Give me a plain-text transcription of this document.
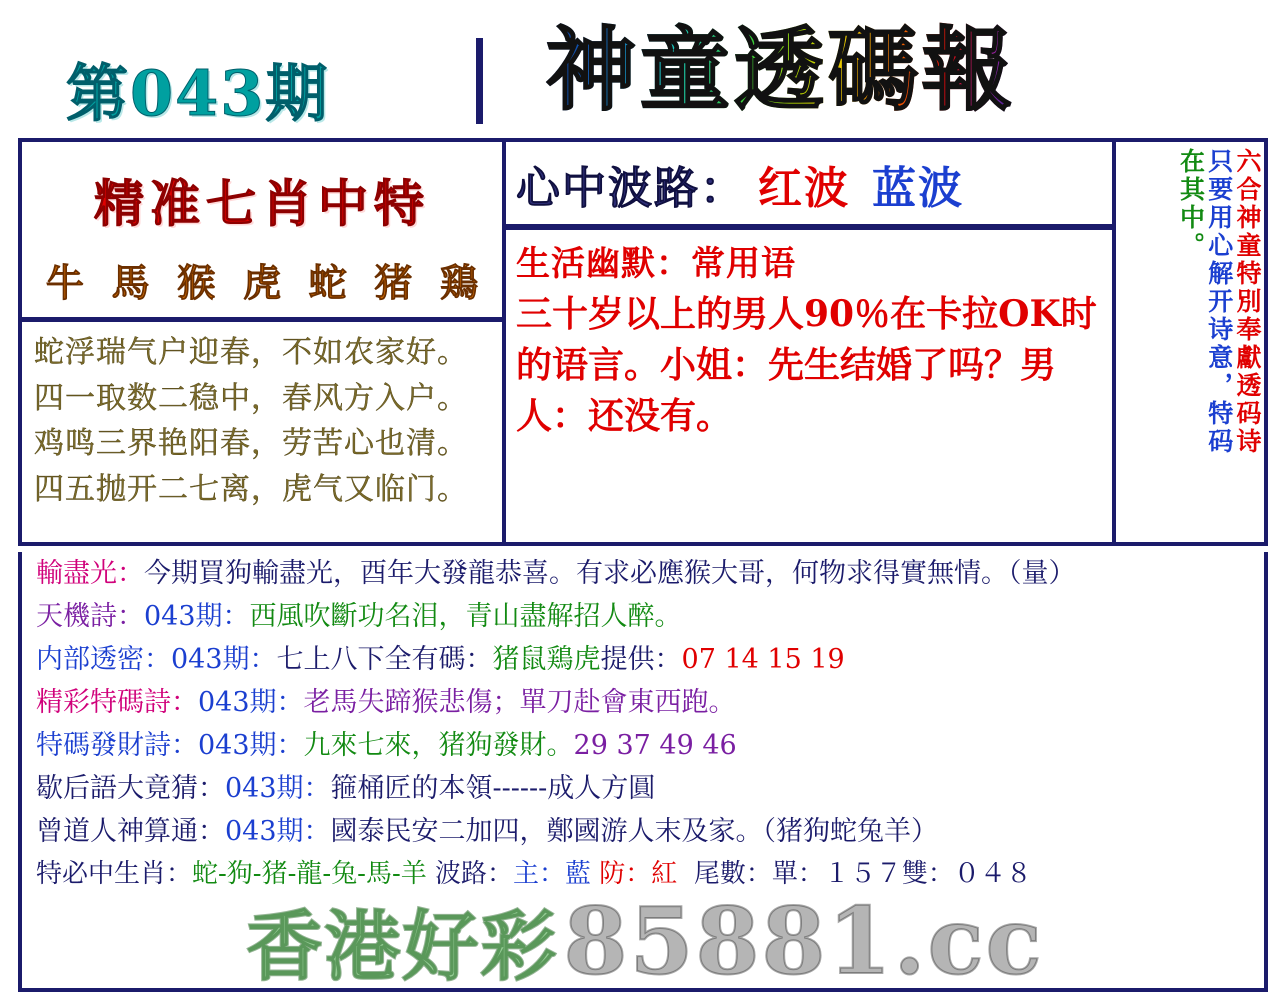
第043期 神童透碼報
精准七肖中特
牛 馬 猴 虎 蛇 猪 鶏
蛇浮瑞气户迎春，不如农家好。
四一取数二稳中，春风方入户。
鸡鸣三界艳阳春，劳苦心也清。
四五抛开二七离，虎气又临门。
心中波路： 红波 蓝波
生活幽默：常用语
三十岁以上的男人90％在卡拉OK时的语言。小姐：先生结婚了吗？男人：还没有。	六合神童特別奉獻透码诗
只要用心解开诗意，特码
在其中。
輸盡光：今期買狗輸盡光，酉年大發龍恭喜。有求必應猴大哥，何物求得實無情。（量）
天機詩：043期：西風吹斷功名泪，青山盡解招人醉。
内部透密：043期：七上八下全有碼：猪鼠鶏虎提供：07 14 15 19
精彩特碼詩：043期：老馬失蹄猴悲傷；單刀赴會東西跑。
特碼發財詩：043期：九來七來，猪狗發財。29 37 49 46
歇后語大竟猜：043期：箍桶匠的本領------成人方圓
曾道人神算通：043期：國泰民安二加四，鄭國游人末及家。（猪狗蛇兔羊）
特必中生肖：蛇-狗-猪-龍-兔-馬-羊 波路：主：藍 防：紅 尾數：單：１５７雙：０４８
香港好彩 85881.cc
